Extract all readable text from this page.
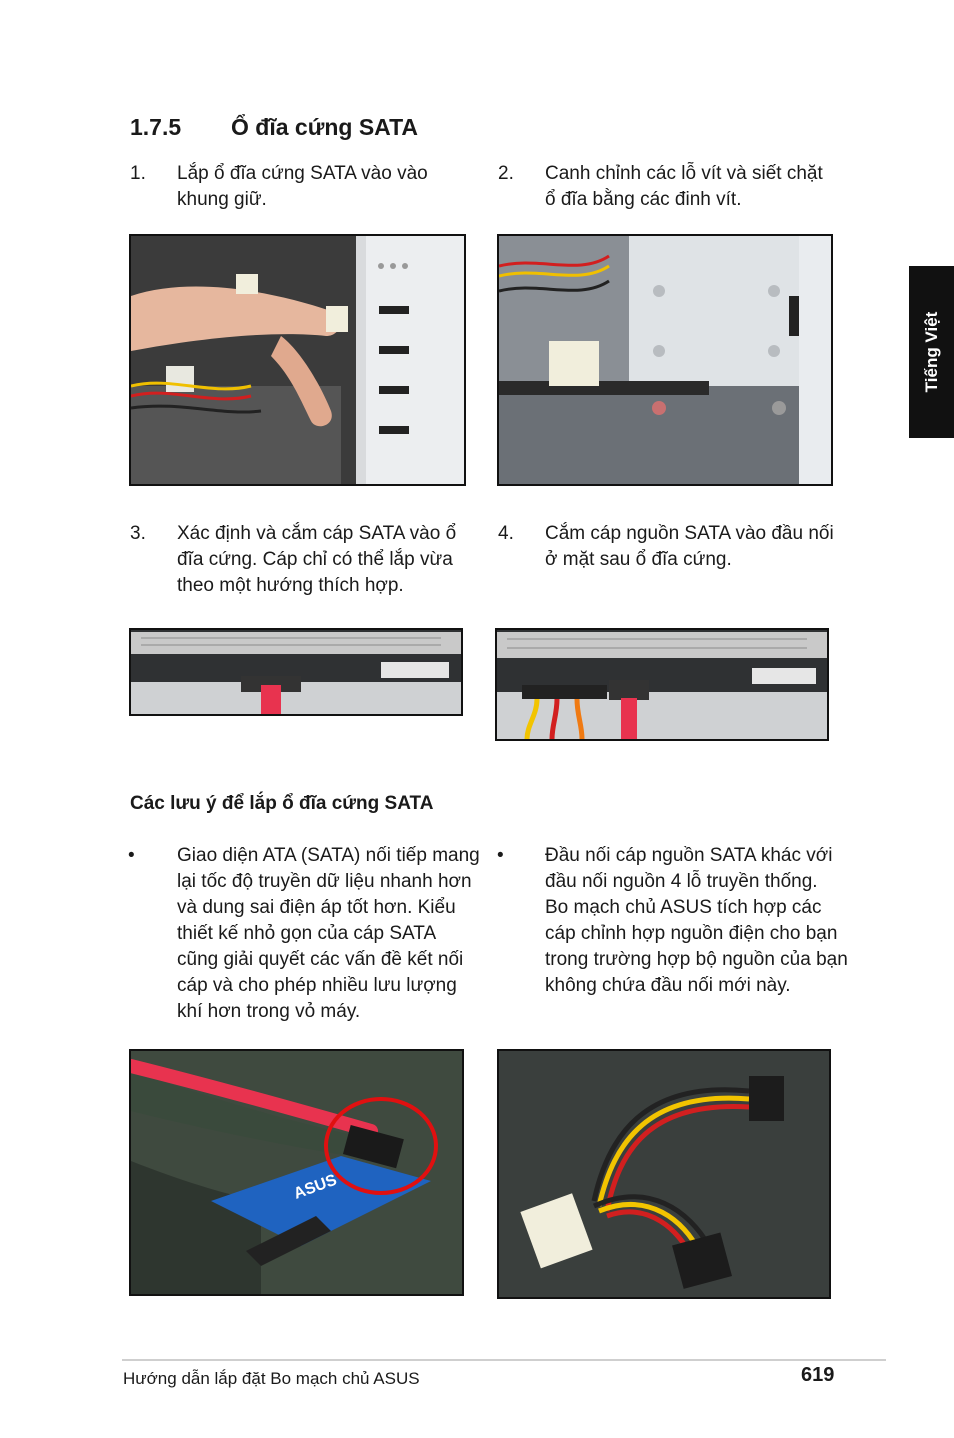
1.7.5 Ổ đĩa cứng SATA
Tiếng Việt
1. Lắp ổ đĩa cứng SATA vào vào
khung giữ.
2. Canh chỉnh các lỗ vít và siết chặt
ổ đĩa bằng các đinh vít.
3. Xác định và cắm cáp SATA vào ổ
đĩa cứng. Cáp chỉ có thể lắp vừa
theo một hướng thích hợp.
4. Cắm cáp nguồn SATA vào đầu nối
ở mặt sau ổ đĩa cứng.
Các lưu ý để lắp ổ đĩa cứng SATA
• Giao diện ATA (SATA) nối tiếp mang
lại tốc độ truyền dữ liệu nhanh hơn
và dung sai điện áp tốt hơn. Kiểu
thiết kế nhỏ gọn của cáp SATA
cũng giải quyết các vấn đề kết nối
cáp và cho phép nhiều lưu lượng
khí hơn trong vỏ máy.
• Đầu nối cáp nguồn SATA khác với
đầu nối nguồn 4 lỗ truyền thống.
Bo mạch chủ ASUS tích hợp các
cáp chỉnh hợp nguồn điện cho bạn
trong trường hợp bộ nguồn của bạn
không chứa đầu nối mới này.
ASUS
Hướng dẫn lắp đặt Bo mạch chủ ASUS	619
